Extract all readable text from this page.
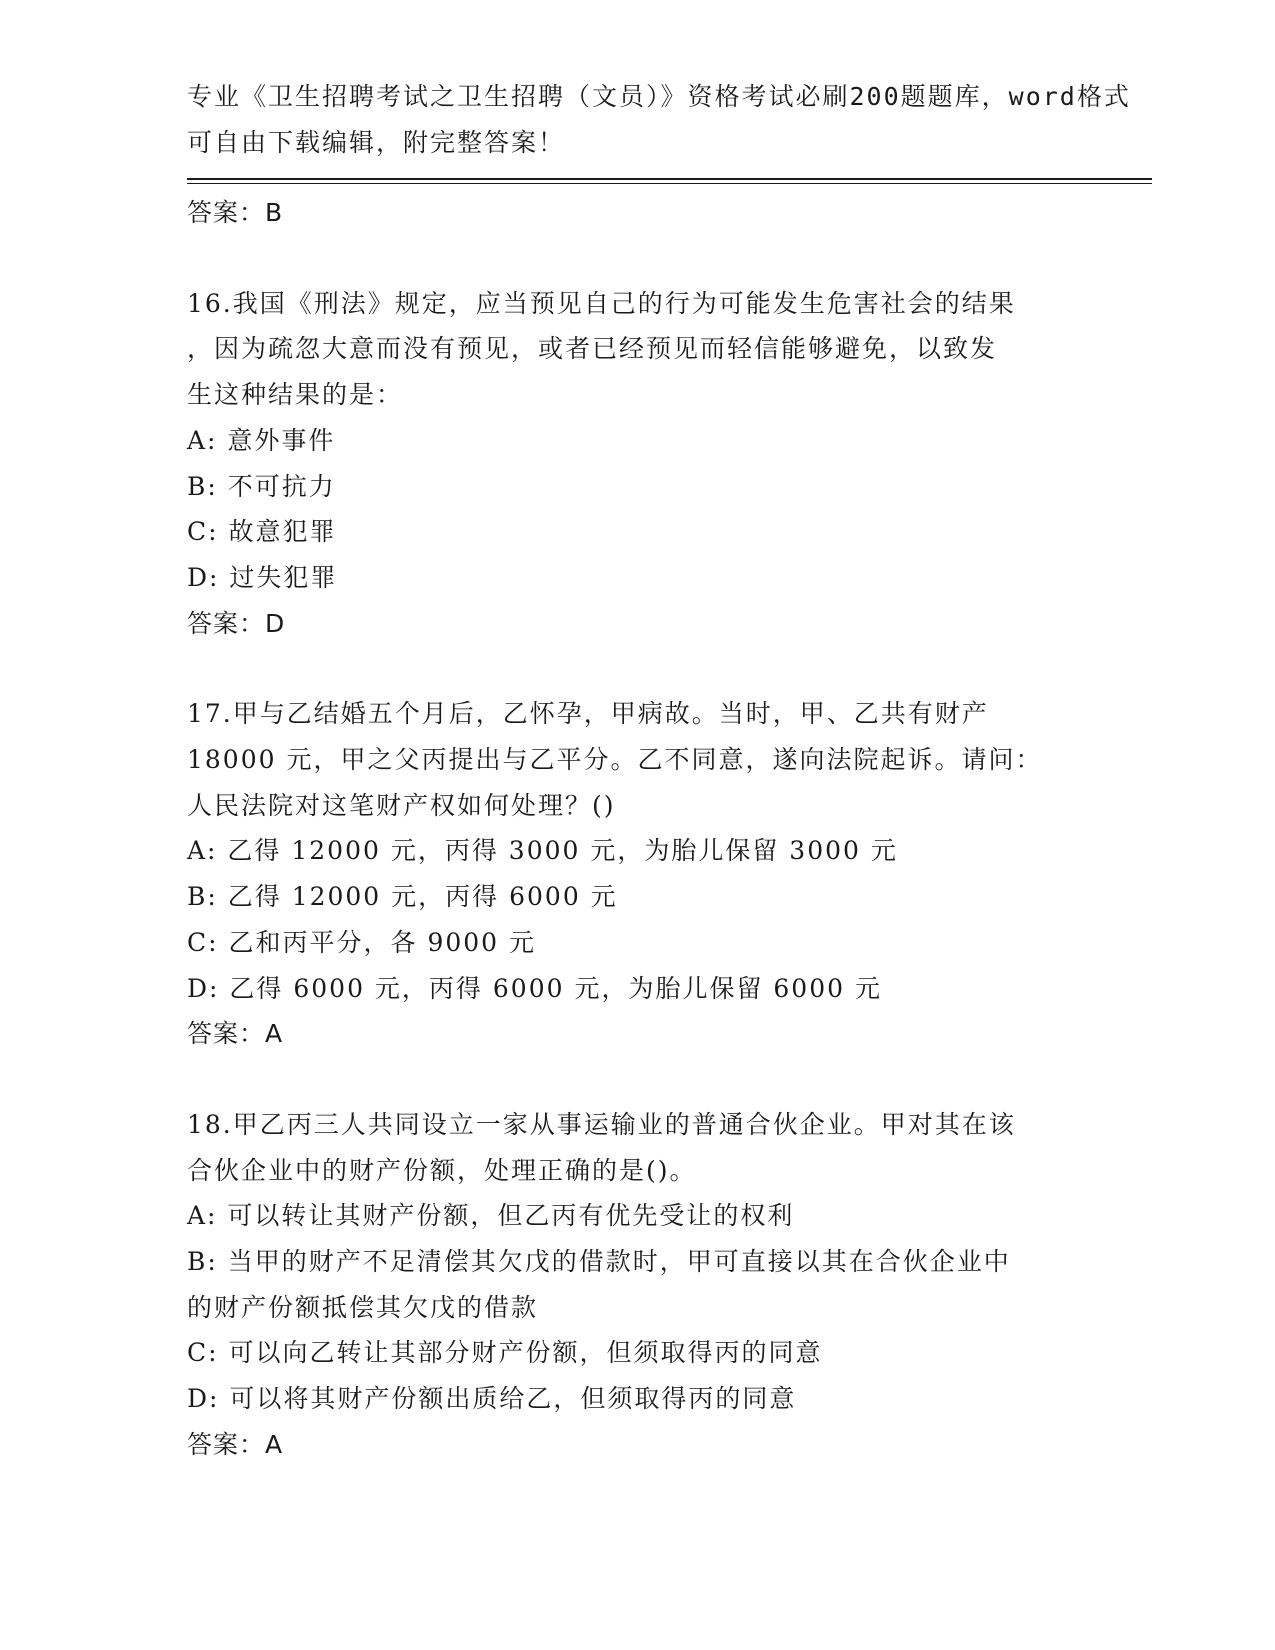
专业《卫生招聘考试之卫生招聘（文员）》资格考试必刷200题题库，word格式
可自由下载编辑，附完整答案！
答案：B
16.我国《刑法》规定，应当预见自己的行为可能发生危害社会的结果
，因为疏忽大意而没有预见，或者已经预见而轻信能够避免，以致发
生这种结果的是：
A: 意外事件
B: 不可抗力
C: 故意犯罪
D: 过失犯罪
答案：D
17.甲与乙结婚五个月后，乙怀孕，甲病故。当时，甲、乙共有财产
18000 元，甲之父丙提出与乙平分。乙不同意，遂向法院起诉。请问：
人民法院对这笔财产权如何处理？()
A: 乙得 12000 元，丙得 3000 元，为胎儿保留 3000 元
B: 乙得 12000 元，丙得 6000 元
C: 乙和丙平分，各 9000 元
D: 乙得 6000 元，丙得 6000 元，为胎儿保留 6000 元
答案：A
18.甲乙丙三人共同设立一家从事运输业的普通合伙企业。甲对其在该
合伙企业中的财产份额，处理正确的是()。
A: 可以转让其财产份额，但乙丙有优先受让的权利
B: 当甲的财产不足清偿其欠戊的借款时，甲可直接以其在合伙企业中
的财产份额抵偿其欠戊的借款
C: 可以向乙转让其部分财产份额，但须取得丙的同意
D: 可以将其财产份额出质给乙，但须取得丙的同意
答案：A
